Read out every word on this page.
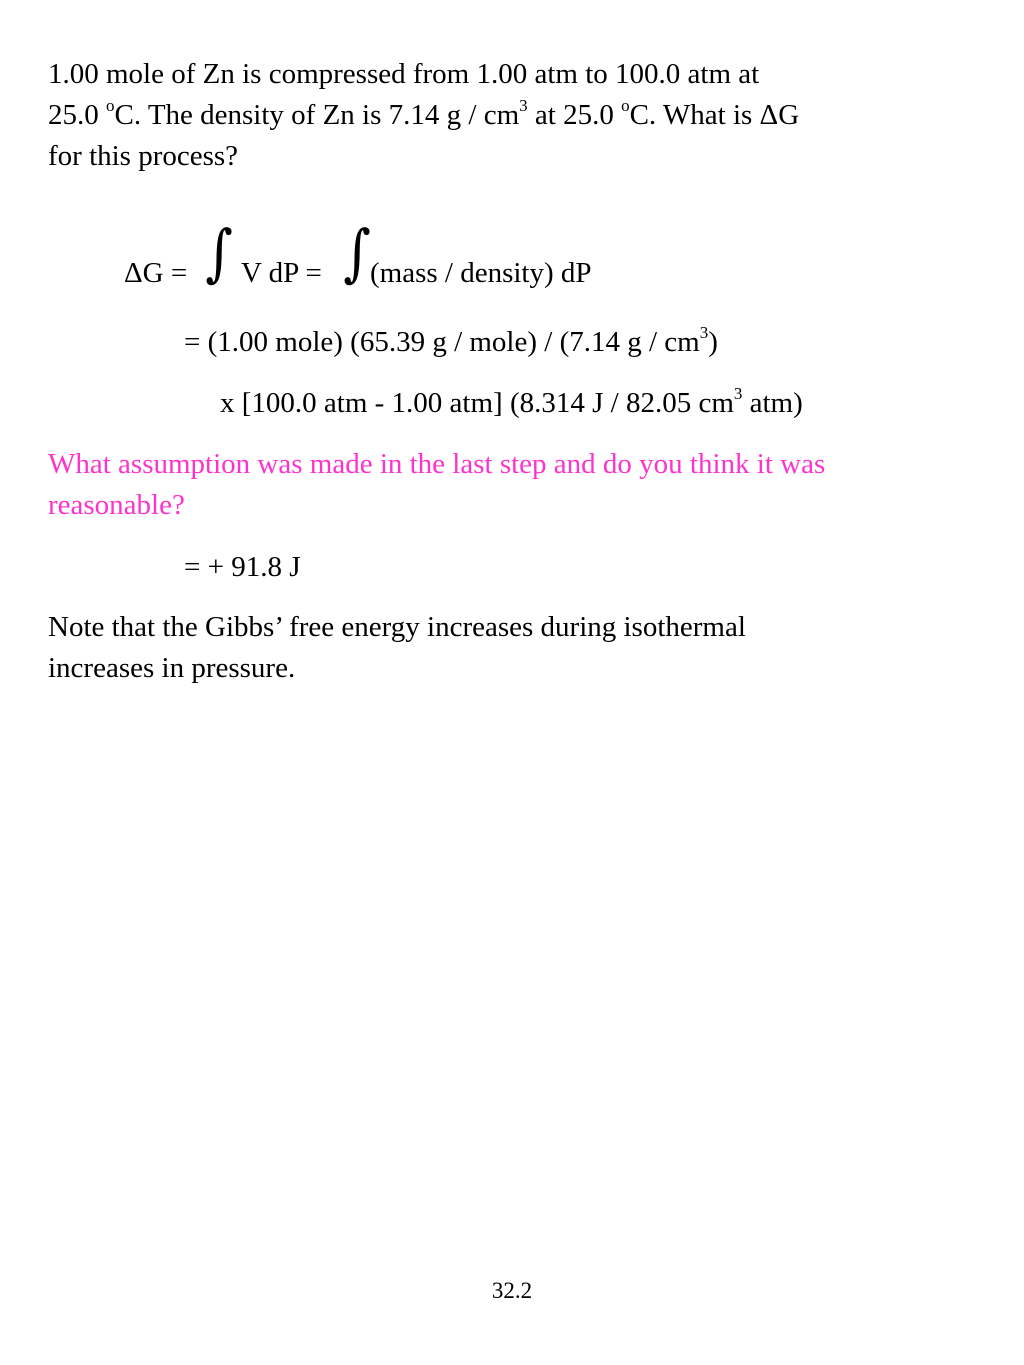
1.00 mole of Zn is compressed from 1.00 atm to 100.0 atm at
25.0 $^o$C. The density of Zn is 7.14 g / $cm^3$ at 25.0 $^o$C. What is ΔG
for this process?
ΔG = ∫ V dP = ∫ (mass / density) dP
= (1.00 mole) (65.39 g / mole) / (7.14 g / $cm^3$)
x [100.0 atm - 1.00 atm] (8.314 J / 82.05 $cm^3$ atm)
What assumption was made in the last step and do you think it was
reasonable?
= + 91.8 J
Note that the Gibbs’ free energy increases during isothermal
increases in pressure.
32.2
